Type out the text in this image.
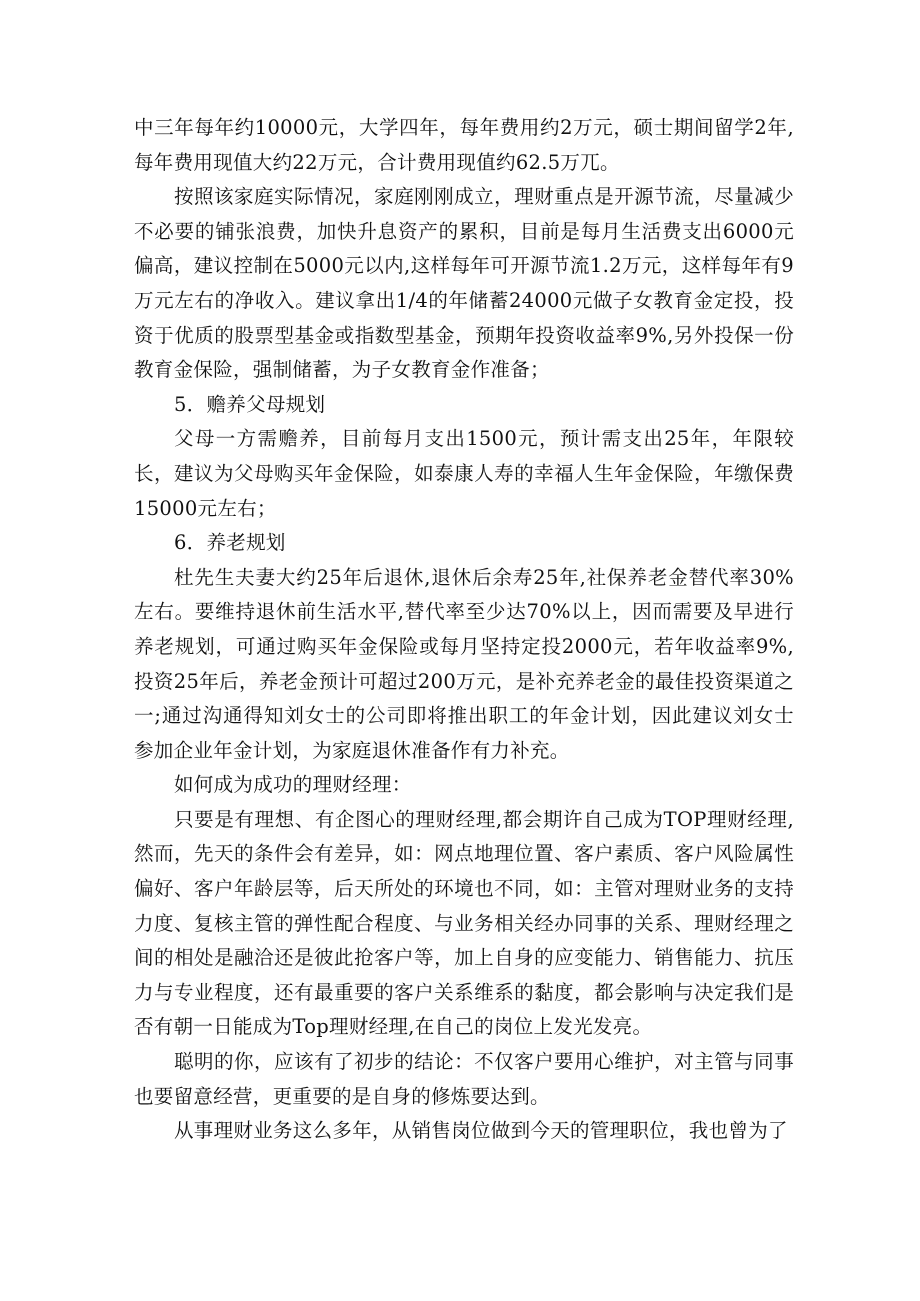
中三年每年约10000元，大学四年，每年费用约2万元，硕士期间留学2年,每年费用现值大约22万元，合计费用现值约62.5万兀。

按照该家庭实际情况，家庭刚刚成立，理财重点是开源节流，尽量减少不必要的铺张浪费，加快升息资产的累积，目前是每月生活费支出6000元偏高，建议控制在5000元以内,这样每年可开源节流1.2万元，这样每年有9万元左右的净收入。建议拿出1/4的年储蓄24000元做子女教育金定投，投资于优质的股票型基金或指数型基金，预期年投资收益率9%,另外投保一份教育金保险，强制储蓄，为子女教育金作准备；

5．赡养父母规划

父母一方需赡养，目前每月支出1500元，预计需支出25年，年限较长，建议为父母购买年金保险，如泰康人寿的幸福人生年金保险，年缴保费15000元左右；

6．养老规划

杜先生夫妻大约25年后退休,退休后余寿25年,社保养老金替代率30%左右。要维持退休前生活水平,替代率至少达70%以上，因而需要及早进行养老规划，可通过购买年金保险或每月坚持定投2000元，若年收益率9%,投资25年后，养老金预计可超过200万元，是补充养老金的最佳投资渠道之一;通过沟通得知刘女士的公司即将推出职工的年金计划，因此建议刘女士参加企业年金计划，为家庭退休准备作有力补充。

如何成为成功的理财经理：

只要是有理想、有企图心的理财经理,都会期许自己成为TOP理财经理,然而，先天的条件会有差异，如：网点地理位置、客户素质、客户风险属性偏好、客户年龄层等，后天所处的环境也不同，如：主管对理财业务的支持力度、复核主管的弹性配合程度、与业务相关经办同事的关系、理财经理之间的相处是融洽还是彼此抢客户等，加上自身的应变能力、销售能力、抗压力与专业程度，还有最重要的客户关系维系的黏度，都会影响与决定我们是否有朝一日能成为Top理财经理,在自己的岗位上发光发亮。

聪明的你，应该有了初步的结论：不仅客户要用心维护，对主管与同事也要留意经营，更重要的是自身的修炼要达到。

从事理财业务这么多年，从销售岗位做到今天的管理职位，我也曾为了
